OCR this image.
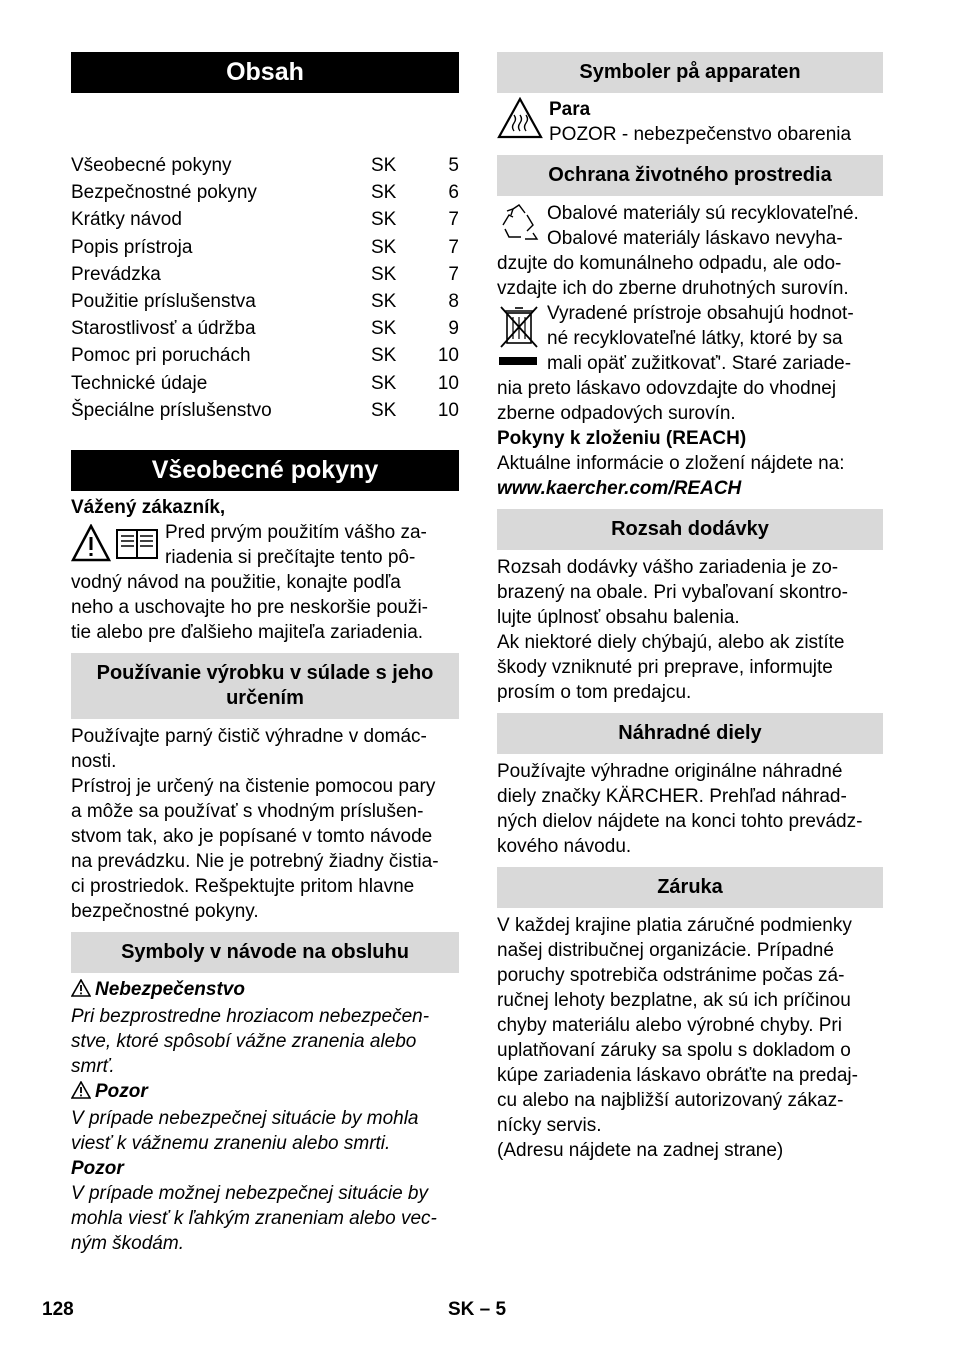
Obsah
Všeobecné pokyny	SK	5
Bezpečnostné pokyny	SK	6
Krátky návod	SK	7
Popis prístroja	SK	7
Prevádzka	SK	7
Použitie príslušenstva	SK	8
Starostlivosť a údržba	SK	9
Pomoc pri poruchách	SK	10
Technické údaje	SK	10
Špeciálne príslušenstvo	SK	10
Všeobecné pokyny

Vážený zákazník,

Pred prvým použitím vášho za-

riadenia si prečítajte tento pô-

vodný návod na použitie, konajte podľa

neho a uschovajte ho pre neskoršie použi-

tie alebo pre ďalšieho majiteľa zariadenia.

Používanie výrobku v súlade s jeho určením

Používajte parný čistič výhradne v domác-

nosti.

Prístroj je určený na čistenie pomocou pary

a môže sa používať s vhodným príslušen-

stvom tak, ako je popísané v tomto návode

na prevádzku. Nie je potrebný žiadny čistia-

ci prostriedok. Rešpektujte pritom hlavne

bezpečnostné pokyny.

Symboly v návode na obsluhu

Nebezpečenstvo

Pri bezprostredne hroziacom nebezpečen-

stve, ktoré spôsobí vážne zranenia alebo

smrť.

Pozor

V prípade nebezpečnej situácie by mohla

viesť k vážnemu zraneniu alebo smrti.

Pozor

V prípade možnej nebezpečnej situácie by

mohla viesť k ľahkým zraneniam alebo vec-

ným škodám.

Symboler på apparaten

Para

POZOR - nebezpečenstvo obarenia

Ochrana životného prostredia

Obalové materiály sú recyklovateľné.

Obalové materiály láskavo nevyha-

dzujte do komunálneho odpadu, ale odo-

vzdajte ich do zberne druhotných surovín.

Vyradené prístroje obsahujú hodnot-

né recyklovateľné látky, ktoré by sa

mali opäť zužitkovať'. Staré zariade-

nia preto láskavo odovzdajte do vhodnej

zberne odpadových surovín.

Pokyny k zloženiu (REACH)

Aktuálne informácie o zložení nájdete na:

www.kaercher.com/REACH

Rozsah dodávky

Rozsah dodávky vášho zariadenia je zo-

brazený na obale. Pri vybaľovaní skontro-

lujte úplnosť obsahu balenia.

Ak niektoré diely chýbajú, alebo ak zistíte

škody vzniknuté pri preprave, informujte

prosím o tom predajcu.

Náhradné diely

Používajte výhradne originálne náhradné

diely značky KÄRCHER. Prehľad náhrad-

ných dielov nájdete na konci tohto prevádz-

kového návodu.

Záruka

V každej krajine platia záručné podmienky

našej distribučnej organizácie. Prípadné

poruchy spotrebiča odstránime počas zá-

ručnej lehoty bezplatne, ak sú ich príčinou

chyby materiálu alebo výrobné chyby. Pri

uplatňovaní záruky sa spolu s dokladom o

kúpe zariadenia láskavo obráťte na predaj-

cu alebo na najbližší autorizovaný zákaz-

nícky servis.

(Adresu nájdete na zadnej strane)

128	SK – 5
